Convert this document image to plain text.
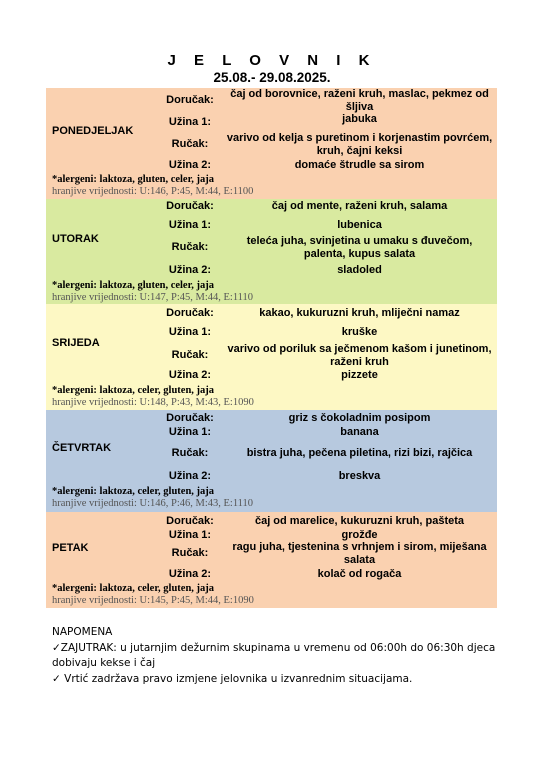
J E L O V N I K
25.08.- 29.08.2025.
PONEDJELJAK
Doručak:	čaj od borovnice, raženi kruh, maslac, pekmez od šljiva
Užina 1:	jabuka
Ručak:	varivo od kelja s puretinom i korjenastim povrćem, kruh, čajni keksi
Užina 2:	domaće štrudle sa sirom
*alergeni: laktoza, gluten, celer, jaja
hranjive vrijednosti: U:146, P:45, M:44, E:1100
UTORAK
Doručak:	čaj od mente, raženi kruh, salama
Užina 1:	lubenica
Ručak:	teleća juha, svinjetina u umaku s đuvečom, palenta, kupus salata
Užina 2:	sladoled
*alergeni: laktoza, gluten, celer, jaja
hranjive vrijednosti: U:147, P:45, M:44, E:1110
SRIJEDA
Doručak:	kakao, kukuruzni kruh, mliječni namaz
Užina 1:	kruške
Ručak:	varivo od poriluk sa ječmenom kašom i junetinom, raženi kruh
Užina 2:	pizzete
*alergeni: laktoza, celer, gluten, jaja
hranjive vrijednosti: U:148, P:43, M:43, E:1090
ČETVRTAK
Doručak:	griz s čokoladnim posipom
Užina 1:	banana
Ručak:	bistra juha, pečena piletina, rizi bizi, rajčica
Užina 2:	breskva
*alergeni: laktoza, celer, gluten, jaja
hranjive vrijednosti: U:146, P:46, M:43, E:1110
PETAK
Doručak:	čaj od marelice, kukuruzni kruh, pašteta
Užina 1:	grožđe
Ručak:	ragu juha, tjestenina s vrhnjem i sirom, miješana salata
Užina 2:	kolač od rogača
*alergeni: laktoza, celer, gluten, jaja
hranjive vrijednosti: U:145, P:45, M:44, E:1090
NAPOMENA
✓ZAJUTRAK: u jutarnjim dežurnim skupinama u vremenu od 06:00h do 06:30h djeca
dobivaju kekse i čaj
✓ Vrtić zadržava pravo izmjene jelovnika u izvanrednim situacijama.
